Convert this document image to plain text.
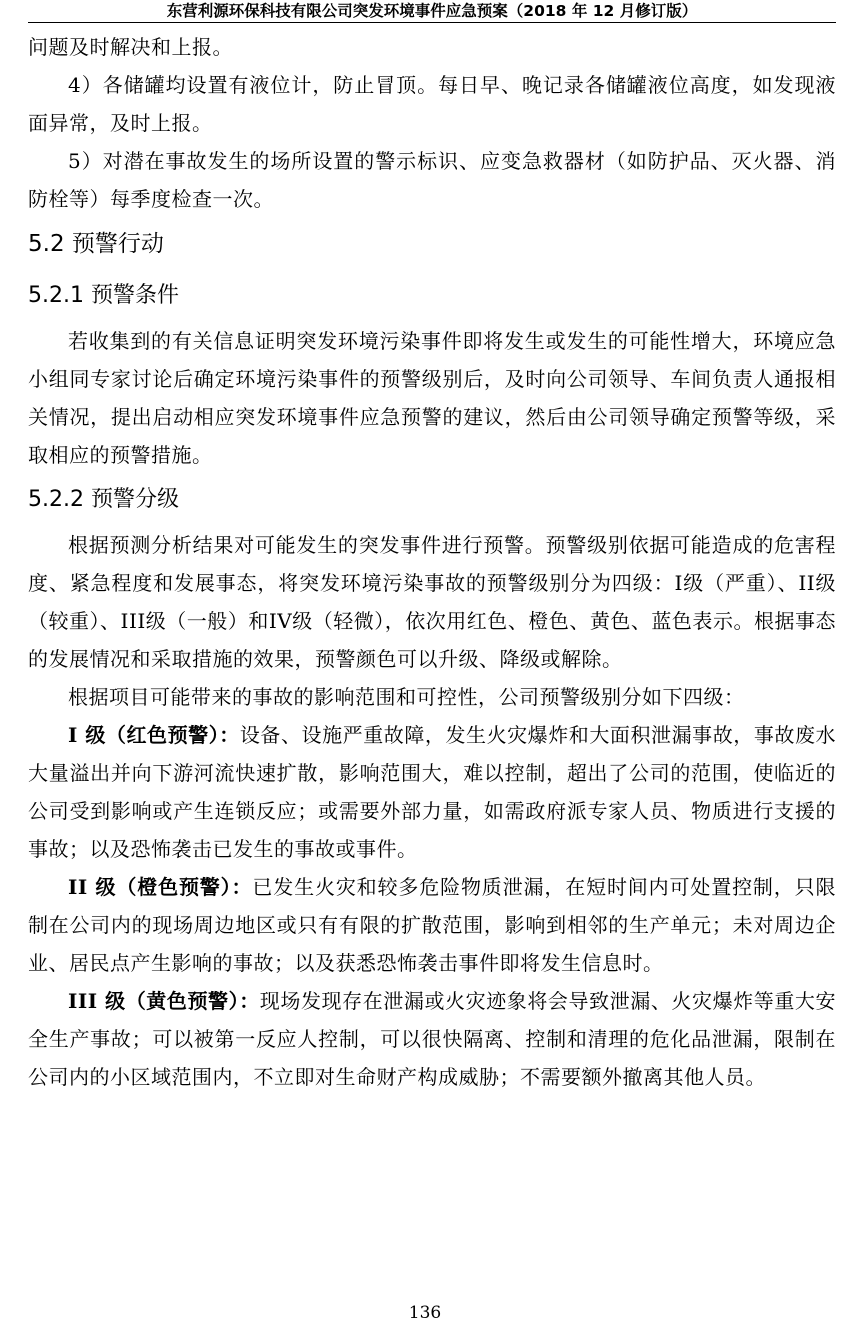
东营利源环保科技有限公司突发环境事件应急预案（2018 年 12 月修订版）

问题及时解决和上报。

4）各储罐均设置有液位计，防止冒顶。每日早、晚记录各储罐液位高度，如发现液面异常，及时上报。

5）对潜在事故发生的场所设置的警示标识、应变急救器材（如防护品、灭火器、消防栓等）每季度检查一次。

5.2 预警行动
5.2.1 预警条件

若收集到的有关信息证明突发环境污染事件即将发生或发生的可能性增大，环境应急小组同专家讨论后确定环境污染事件的预警级别后，及时向公司领导、车间负责人通报相关情况，提出启动相应突发环境事件应急预警的建议，然后由公司领导确定预警等级，采取相应的预警措施。

5.2.2 预警分级

根据预测分析结果对可能发生的突发事件进行预警。预警级别依据可能造成的危害程度、紧急程度和发展事态，将突发环境污染事故的预警级别分为四级：I级（严重）、II级（较重）、III级（一般）和IV级（轻微），依次用红色、橙色、黄色、蓝色表示。根据事态的发展情况和采取措施的效果，预警颜色可以升级、降级或解除。

根据项目可能带来的事故的影响范围和可控性，公司预警级别分如下四级：

I 级（红色预警）：设备、设施严重故障，发生火灾爆炸和大面积泄漏事故，事故废水大量溢出并向下游河流快速扩散，影响范围大，难以控制，超出了公司的范围，使临近的公司受到影响或产生连锁反应；或需要外部力量，如需政府派专家人员、物质进行支援的事故；以及恐怖袭击已发生的事故或事件。

II 级（橙色预警）：已发生火灾和较多危险物质泄漏，在短时间内可处置控制，只限制在公司内的现场周边地区或只有有限的扩散范围，影响到相邻的生产单元；未对周边企业、居民点产生影响的事故；以及获悉恐怖袭击事件即将发生信息时。

III 级（黄色预警）：现场发现存在泄漏或火灾迹象将会导致泄漏、火灾爆炸等重大安全生产事故；可以被第一反应人控制，可以很快隔离、控制和清理的危化品泄漏，限制在公司内的小区域范围内，不立即对生命财产构成威胁；不需要额外撤离其他人员。

136
